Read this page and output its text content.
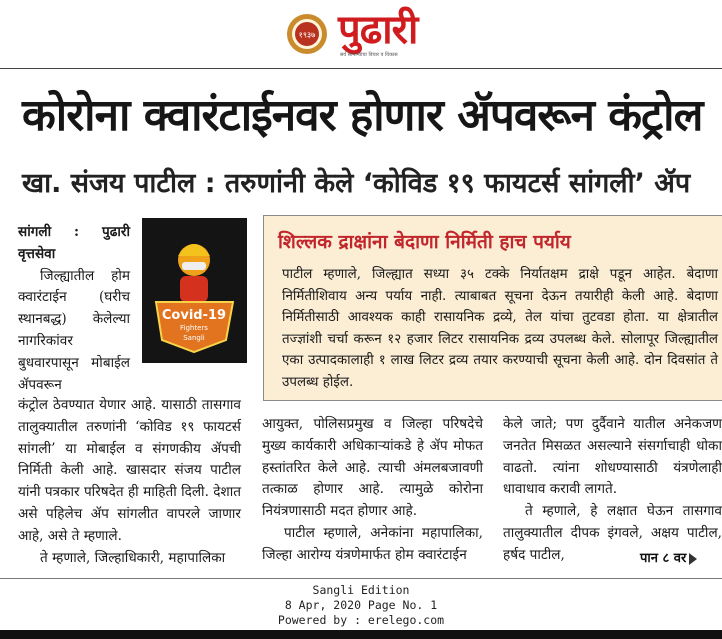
१९३७ पुढारी
सर्व सामान्यांचा विचार व विकास
कोरोना क्वारंटाईनवर होणार ॲपवरून कंट्रोल
खा. संजय पाटील : तरुणांनी केले ‘कोविड १९ फायटर्स सांगली’ ॲप

सांगली : पुढारी वृत्तसेवा

जिल्ह्यातील होम क्वारंटाईन (घरीच स्थानबद्ध) केलेल्या नागरिकांवर बुधवारपासून मोबाईल ॲपवरून

Covid-19
Fighters
Sangli
शिल्लक द्राक्षांना बेदाणा निर्मिती हाच पर्याय
पाटील म्हणाले, जिल्ह्यात सध्या ३५ टक्के निर्यातक्षम द्राक्षे पडून आहेत. बेदाणा निर्मितीशिवाय अन्य पर्याय नाही. त्याबाबत सूचना देऊन तयारीही केली आहे. बेदाणा निर्मितीसाठी आवश्यक काही रासायनिक द्रव्ये, तेल यांचा तुटवडा होता. या क्षेत्रातील तज्ज्ञांशी चर्चा करून १२ हजार लिटर रासायनिक द्रव्य उपलब्ध केले. सोलापूर जिल्ह्यातील एका उत्पादकालाही १ लाख लिटर द्रव्य तयार करण्याची सूचना केली आहे. दोन दिवसांत ते उपलब्ध होईल.

कंट्रोल ठेवण्यात येणार आहे. यासाठी तासगाव तालुक्यातील तरुणांनी ‘कोविड १९ फायटर्स सांगली’ या मोबाईल व संगणकीय ॲपची निर्मिती केली आहे. खासदार संजय पाटील यांनी पत्रकार परिषदेत ही माहिती दिली. देशात असे पहिलेच ॲप सांगलीत वापरले जाणार आहे, असे ते म्हणाले.

ते म्हणाले, जिल्हाधिकारी, महापालिका

आयुक्त, पोलिसप्रमुख व जिल्हा परिषदेचे मुख्य कार्यकारी अधिकाऱ्यांकडे हे ॲप मोफत हस्तांतरित केले आहे. त्याची अंमलबजावणी तत्काळ होणार आहे. त्यामुळे कोरोना नियंत्रणासाठी मदत होणार आहे.

पाटील म्हणाले, अनेकांना महापालिका, जिल्हा आरोग्य यंत्रणेमार्फत होम क्वारंटाईन

केले जाते; पण दुर्दैवाने यातील अनेकजण जनतेत मिसळत असल्याने संसर्गाचाही धोका वाढतो. त्यांना शोधण्यासाठी यंत्रणेलाही धावाधाव करावी लागते.

ते म्हणाले, हे लक्षात घेऊन तासगाव तालुक्यातील दीपक इंगवले, अक्षय पाटील, हर्षद पाटील,	पान ८ वर
Sangli Edition
8 Apr, 2020 Page No. 1
Powered by : erelego.com
